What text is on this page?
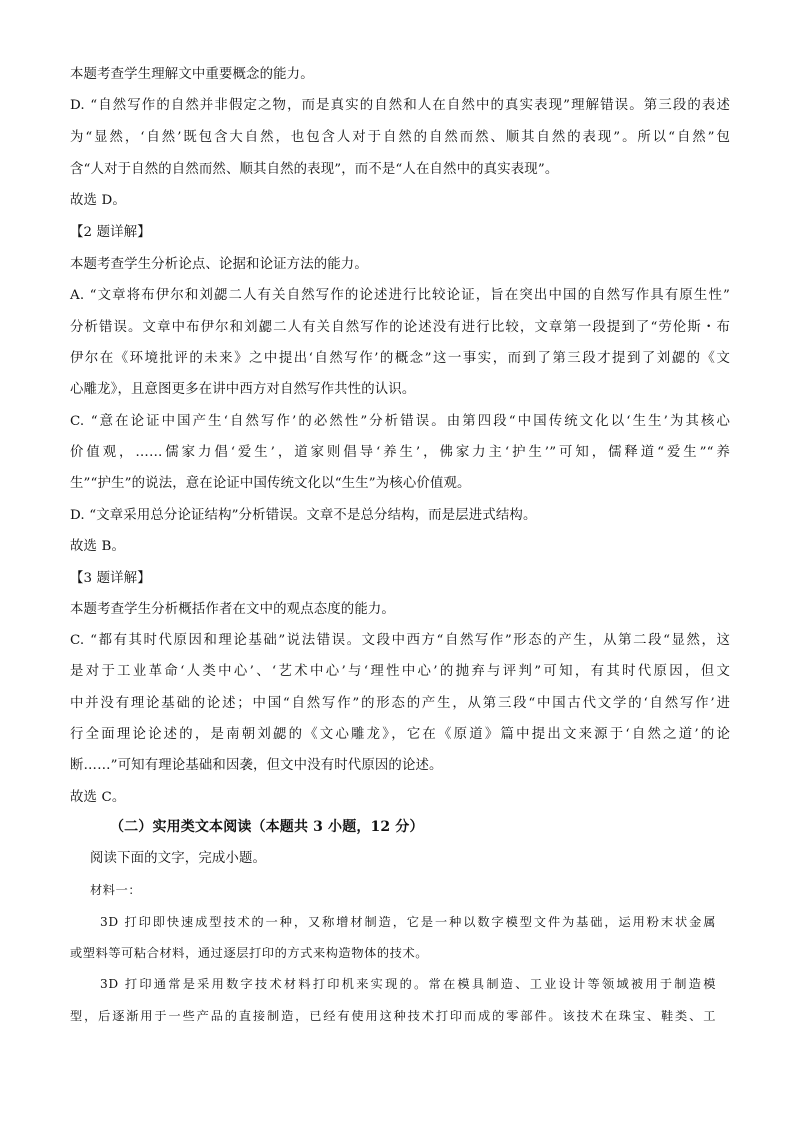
本题考查学生理解文中重要概念的能力。
D. “自然写作的自然并非假定之物，而是真实的自然和人在自然中的真实表现”理解错误。第三段的表述
为“显然，‘自然’既包含大自然，也包含人对于自然的自然而然、顺其自然的表现”。所以“自然”包
含“人对于自然的自然而然、顺其自然的表现”，而不是“人在自然中的真实表现”。
故选 D。
【2 题详解】
本题考查学生分析论点、论据和论证方法的能力。
A. “文章将布伊尔和刘勰二人有关自然写作的论述进行比较论证，旨在突出中国的自然写作具有原生性”
分析错误。文章中布伊尔和刘勰二人有关自然写作的论述没有进行比较，文章第一段提到了“劳伦斯・布
伊尔在《环境批评的未来》之中提出‘自然写作’的概念”这一事实，而到了第三段才提到了刘勰的《文
心雕龙》，且意图更多在讲中西方对自然写作共性的认识。
C. “意在论证中国产生‘自然写作’的必然性”分析错误。由第四段“中国传统文化以‘生生’为其核心
价值观，……儒家力倡‘爱生’，道家则倡导‘养生’，佛家力主‘护生’”可知，儒释道“爱生”“养
生”“护生”的说法，意在论证中国传统文化以“生生”为核心价值观。
D. “文章采用总分论证结构”分析错误。文章不是总分结构，而是层进式结构。
故选 B。
【3 题详解】
本题考查学生分析概括作者在文中的观点态度的能力。
C. “都有其时代原因和理论基础”说法错误。文段中西方“自然写作”形态的产生，从第二段“显然，这
是对于工业革命‘人类中心’、‘艺术中心’与‘理性中心’的抛弃与评判”可知，有其时代原因，但文
中并没有理论基础的论述；中国“自然写作”的形态的产生，从第三段“中国古代文学的‘自然写作’进
行全面理论论述的，是南朝刘勰的《文心雕龙》，它在《原道》篇中提出文来源于‘自然之道’的论
断……”可知有理论基础和因袭，但文中没有时代原因的论述。
故选 C。
（二）实用类文本阅读（本题共 3 小题，12 分）
阅读下面的文字，完成小题。
材料一：
3D 打印即快速成型技术的一种，又称增材制造，它是一种以数字模型文件为基础，运用粉末状金属
或塑料等可粘合材料，通过逐层打印的方式来构造物体的技术。
3D 打印通常是采用数字技术材料打印机来实现的。常在模具制造、工业设计等领域被用于制造模
型，后逐渐用于一些产品的直接制造，已经有使用这种技术打印而成的零部件。该技术在珠宝、鞋类、工
